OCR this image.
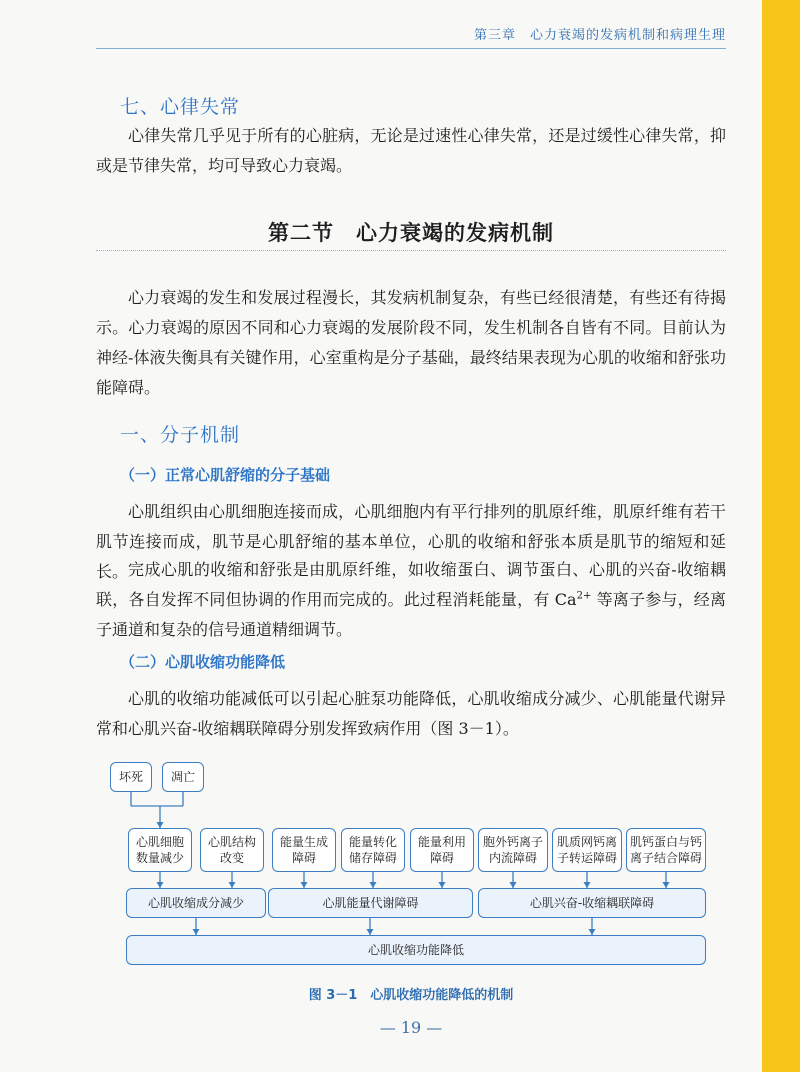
第三章　心力衰竭的发病机制和病理生理
七、心律失常

心律失常几乎见于所有的心脏病，无论是过速性心律失常，还是过缓性心律失常，抑或是节律失常，均可导致心力衰竭。

第二节　心力衰竭的发病机制

心力衰竭的发生和发展过程漫长，其发病机制复杂，有些已经很清楚，有些还有待揭示。心力衰竭的原因不同和心力衰竭的发展阶段不同，发生机制各自皆有不同。目前认为神经-体液失衡具有关键作用，心室重构是分子基础，最终结果表现为心肌的收缩和舒张功能障碍。

一、分子机制
（一）正常心肌舒缩的分子基础

心肌组织由心肌细胞连接而成，心肌细胞内有平行排列的肌原纤维，肌原纤维有若干肌节连接而成，肌节是心肌舒缩的基本单位，心肌的收缩和舒张本质是肌节的缩短和延长。 完成心肌的收缩和舒张是由肌原纤维，如收缩蛋白、调节蛋白、心肌的兴奋-收缩耦联，各自发挥不同但协调的作用而完成的。此过程消耗能量，有 $Ca^{2+}$ 等离子参与，经离子通道和复杂的信号通道精细调节。

（二）心肌收缩功能降低

心肌的收缩功能减低可以引起心脏泵功能降低，心肌收缩成分减少、心肌能量代谢异常和心肌兴奋-收缩耦联障碍分别发挥致病作用（图 3－1）。

坏死	凋亡
心肌细胞
数量减少
心肌结构
改变
能量生成
障碍
能量转化
储存障碍
能量利用
障碍
胞外钙离子
内流障碍
肌质网钙离
子转运障碍
肌钙蛋白与钙
离子结合障碍
心肌收缩成分减少	心肌能量代谢障碍	心肌兴奋-收缩耦联障碍
心肌收缩功能降低
图 3－1　心肌收缩功能降低的机制
— 19 —
